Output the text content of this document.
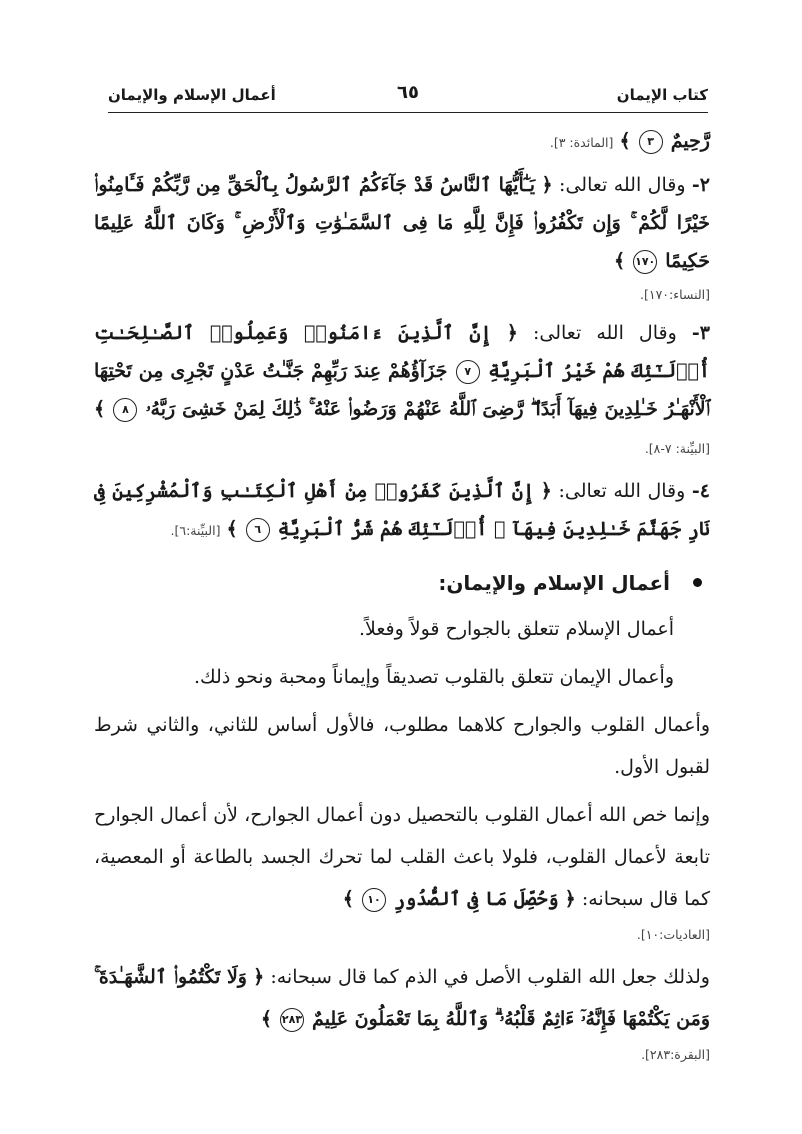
كتاب الإيمان
٦٥
أعمال الإسلام والإيمان
رَّحِيمٌ ٣ ﴾ [المائدة: ٣].
٢- وقال الله تعالى: ﴿ يَـٰٓأَيُّهَا ٱلنَّاسُ قَدْ جَآءَكُمُ ٱلرَّسُولُ بِٱلْحَقِّ مِن رَّبِّكُمْ فَـَٔامِنُوا۟ خَيْرًا لَّكُمْ ۚ وَإِن تَكْفُرُوا۟ فَإِنَّ لِلَّهِ مَا فِى ٱلسَّمَـٰوَٰتِ وَٱلْأَرْضِ ۚ وَكَانَ ٱللَّهُ عَلِيمًا حَكِيمًا ١٧٠ ﴾
[النساء:١٧٠].
٣- وقال الله تعالى: ﴿ إِنَّ ٱلَّذِينَ ءَامَنُوا۟ وَعَمِلُوا۟ ٱلصَّـٰلِحَـٰتِ أُو۟لَـٰٓئِكَ هُمْ خَيْرُ ٱلْبَرِيَّةِ ٧ جَزَآؤُهُمْ عِندَ رَبِّهِمْ جَنَّـٰتُ عَدْنٍ تَجْرِى مِن تَحْتِهَا ٱلْأَنْهَـٰرُ خَـٰلِدِينَ فِيهَآ أَبَدًا ۖ رَّضِىَ ٱللَّهُ عَنْهُمْ وَرَضُوا۟ عَنْهُ ۚ ذَٰلِكَ لِمَنْ خَشِىَ رَبَّهُۥ ٨ ﴾ [البيِّنة: ٧-٨].
٤- وقال الله تعالى: ﴿ إِنَّ ٱلَّذِينَ كَفَرُوا۟ مِنْ أَهْلِ ٱلْكِتَـٰبِ وَٱلْمُشْرِكِينَ فِى نَارِ جَهَنَّمَ خَـٰلِدِينَ فِيهَآ ۚ أُو۟لَـٰٓئِكَ هُمْ شَرُّ ٱلْبَرِيَّةِ ٦ ﴾ [البيِّنة:٦].
أعمال الإسلام والإيمان:
أعمال الإسلام تتعلق بالجوارح قولاً وفعلاً.
وأعمال الإيمان تتعلق بالقلوب تصديقاً وإيماناً ومحبة ونحو ذلك.
وأعمال القلوب والجوارح كلاهما مطلوب، فالأول أساس للثاني، والثاني شرط لقبول الأول.
وإنما خص الله أعمال القلوب بالتحصيل دون أعمال الجوارح، لأن أعمال الجوارح تابعة لأعمال القلوب، فلولا باعث القلب لما تحرك الجسد بالطاعة أو المعصية، كما قال سبحانه: ﴿ وَحُصِّلَ مَا فِى ٱلصُّدُورِ ١٠ ﴾
[العاديات:١٠].
ولذلك جعل الله القلوب الأصل في الذم كما قال سبحانه: ﴿ وَلَا تَكْتُمُوا۟ ٱلشَّهَـٰدَةَ ۚ وَمَن يَكْتُمْهَا فَإِنَّهُۥٓ ءَاثِمٌ قَلْبُهُۥ ۗ وَٱللَّهُ بِمَا تَعْمَلُونَ عَلِيمٌ ٢٨٣ ﴾
[البقرة:٢٨٣].
